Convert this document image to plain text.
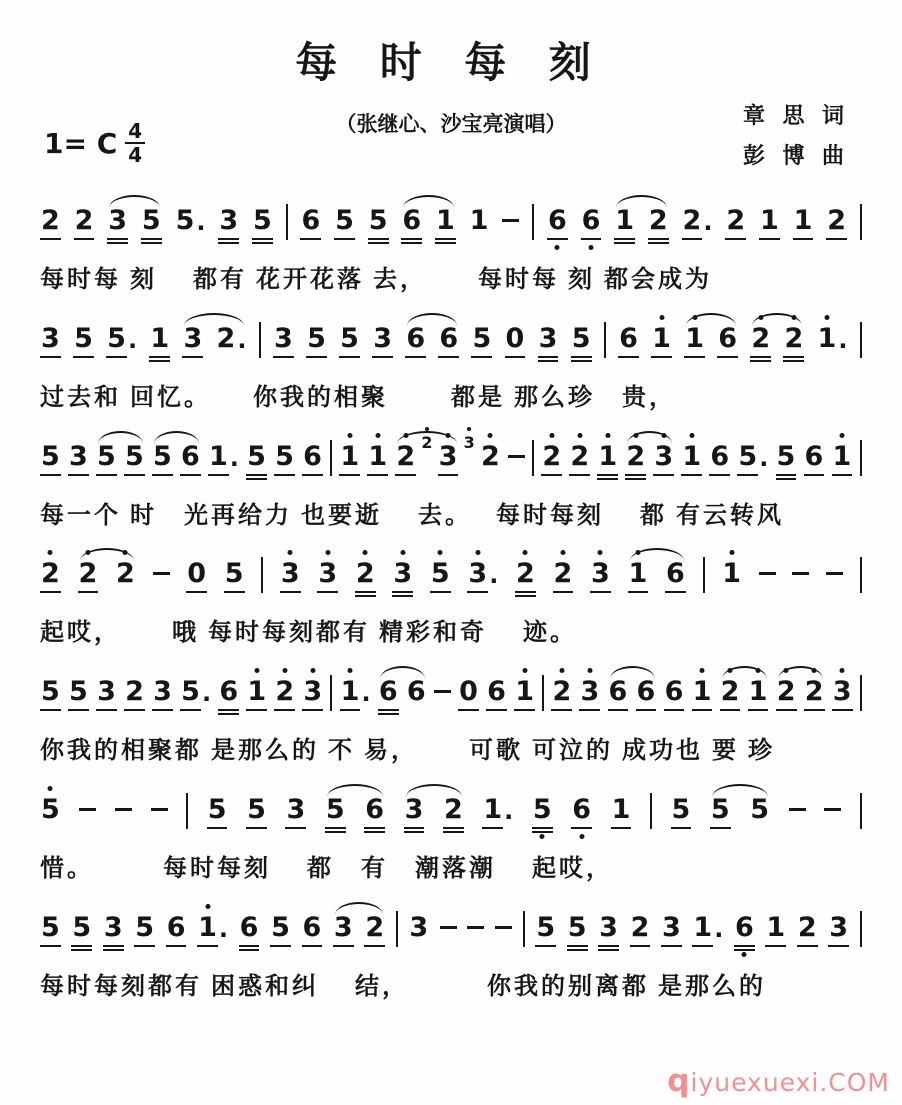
每 时 每 刻
1= C $\frac{4}{4}$	（张继心、沙宝亮演唱）	章 思 词
彭 博 曲
2 2 3 5 5 · 3 5 6 5 5 6 1 1 6 6 1 2 2 · 2 1 1 2
每时每 刻　 都有 花开花落 去，　　 每时每 刻 都会成为
3 5 5 · 1 3 2 · 3 5 5 3 6 6 5 0 3 5 6 1 1 6 2 2 1 ·
过去和 回忆。　　你我的相聚　　 都是 那么珍　贵，
5 3 5 5 5 6 1 · 5 5 6 1 1 2 2 3 3 2 2 2 1 2 3 1 6 5 · 5 6 1
每一个 时　光再给力 也要逝　 去。　 每时每刻　 都 有云转风
2 2 2 0 5 3 3 2 3 5 3 · 2 2 3 1 6 1
起哎，　　 哦 每时每刻都有 精彩和奇　 迹。
5 5 3 2 3 5 · 6 1 2 3 1 · 6 6 0 6 1 2 3 6 6 6 1 2 1 2 2 3
你我的相聚都 是那么的 不 易，　　 可歌 可泣的 成功也 要 珍
5	5 5 3 5 6 3 2 1 · 5 6 1 5 5 5
惜。　　　每时每刻　 都　有　潮落潮　 起哎，
5 5 3 5 6 1 · 6 5 6 3 2 3	5 5 3 2 3 1 · 6 1 2 3
每时每刻都有 困惑和纠　 结，　　　 你我的别离都 是那么的
qiyuexuexi.COM
